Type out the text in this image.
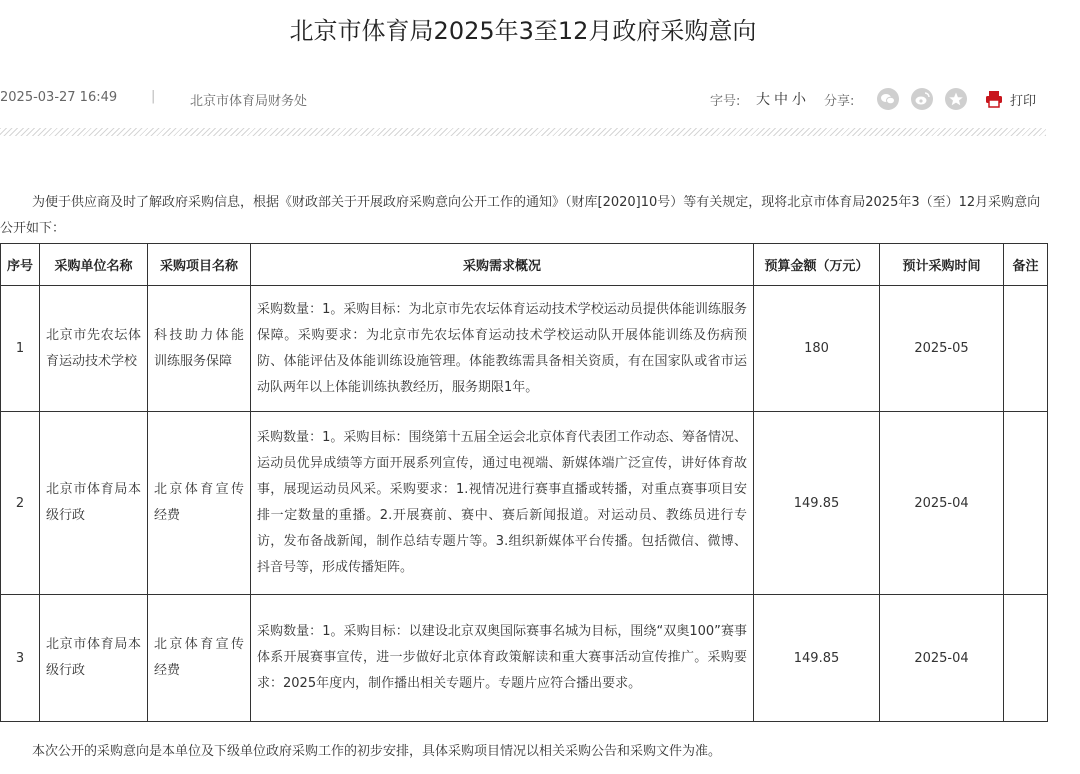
北京市体育局2025年3至12月政府采购意向
2025-03-27 16:49	|	北京市体育局财务处	字号: 大 中 小 分享:	打印
为便于供应商及时了解政府采购信息，根据《财政部关于开展政府采购意向公开工作的通知》（财库[2020]10号）等有关规定，现将北京市体育局2025年3（至）12月采购意向公开如下：
序号	采购单位名称	采购项目名称	采购需求概况	预算金额（万元）	预计采购时间	备注
1	北京市先农坛体育运动技术学校	科技助力体能训练服务保障	采购数量：1。采购目标：为北京市先农坛体育运动技术学校运动员提供体能训练服务保障。采购要求：为北京市先农坛体育运动技术学校运动队开展体能训练及伤病预防、体能评估及体能训练设施管理。体能教练需具备相关资质，有在国家队或省市运动队两年以上体能训练执教经历，服务期限1年。	180	2025-05	
2	北京市体育局本级行政	北京体育宣传经费	采购数量：1。采购目标：围绕第十五届全运会北京体育代表团工作动态、筹备情况、运动员优异成绩等方面开展系列宣传，通过电视端、新媒体端广泛宣传，讲好体育故事，展现运动员风采。采购要求：1.视情况进行赛事直播或转播，对重点赛事项目安排一定数量的重播。2.开展赛前、赛中、赛后新闻报道。对运动员、教练员进行专访，发布备战新闻，制作总结专题片等。3.组织新媒体平台传播。包括微信、微博、抖音号等，形成传播矩阵。	149.85	2025-04	
3	北京市体育局本级行政	北京体育宣传经费	采购数量：1。采购目标：以建设北京双奥国际赛事名城为目标，围绕“双奥100”赛事体系开展赛事宣传，进一步做好北京体育政策解读和重大赛事活动宣传推广。采购要求：2025年度内，制作播出相关专题片。专题片应符合播出要求。	149.85	2025-04	
本次公开的采购意向是本单位及下级单位政府采购工作的初步安排，具体采购项目情况以相关采购公告和采购文件为准。
